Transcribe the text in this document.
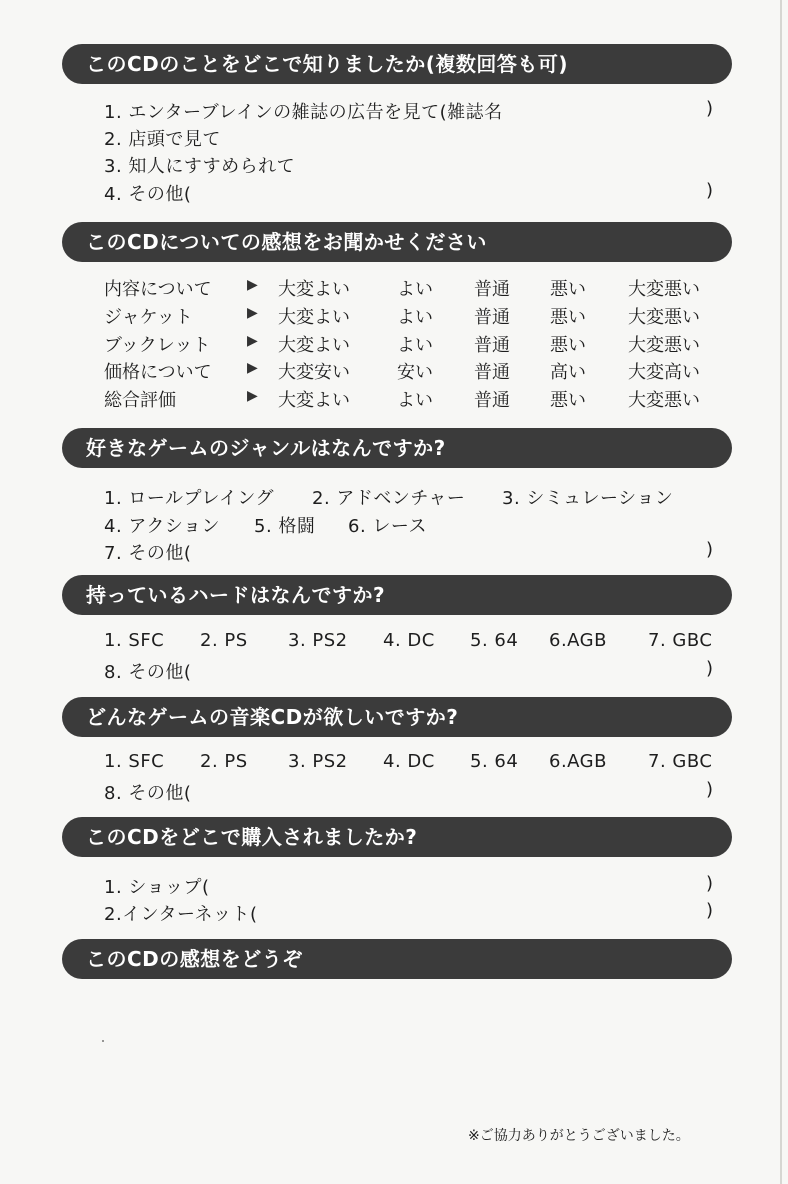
このCDのことをどこで知りましたか(複数回答も可)
1. エンターブレインの雑誌の広告を見て(雑誌名	)
2. 店頭で見て
3. 知人にすすめられて
4. その他(	)
このCDについての感想をお聞かせください
内容について	▶ 大変よい	よい 普通 悪い 大変悪い
ジャケット	▶ 大変よい	よい 普通 悪い 大変悪い
ブックレット	▶ 大変よい	よい 普通 悪い 大変悪い
価格について	▶ 大変安い	安い 普通 高い 大変高い
総合評価	▶ 大変よい	よい 普通 悪い 大変悪い
好きなゲームのジャンルはなんですか?
1. ロールプレイング 2. アドベンチャー 3. シミュレーション
4. アクション 5. 格闘 6. レース
7. その他(	)
持っているハードはなんですか?
1. SFC 2. PS 3. PS2 4. DC 5. 64 6.AGB 7. GBC
8. その他(	)
どんなゲームの音楽CDが欲しいですか?
1. SFC 2. PS 3. PS2 4. DC 5. 64 6.AGB 7. GBC
8. その他(	)
このCDをどこで購入されましたか?
1. ショップ(	)
2.インターネット(	)
このCDの感想をどうぞ
※ご協力ありがとうございました。
